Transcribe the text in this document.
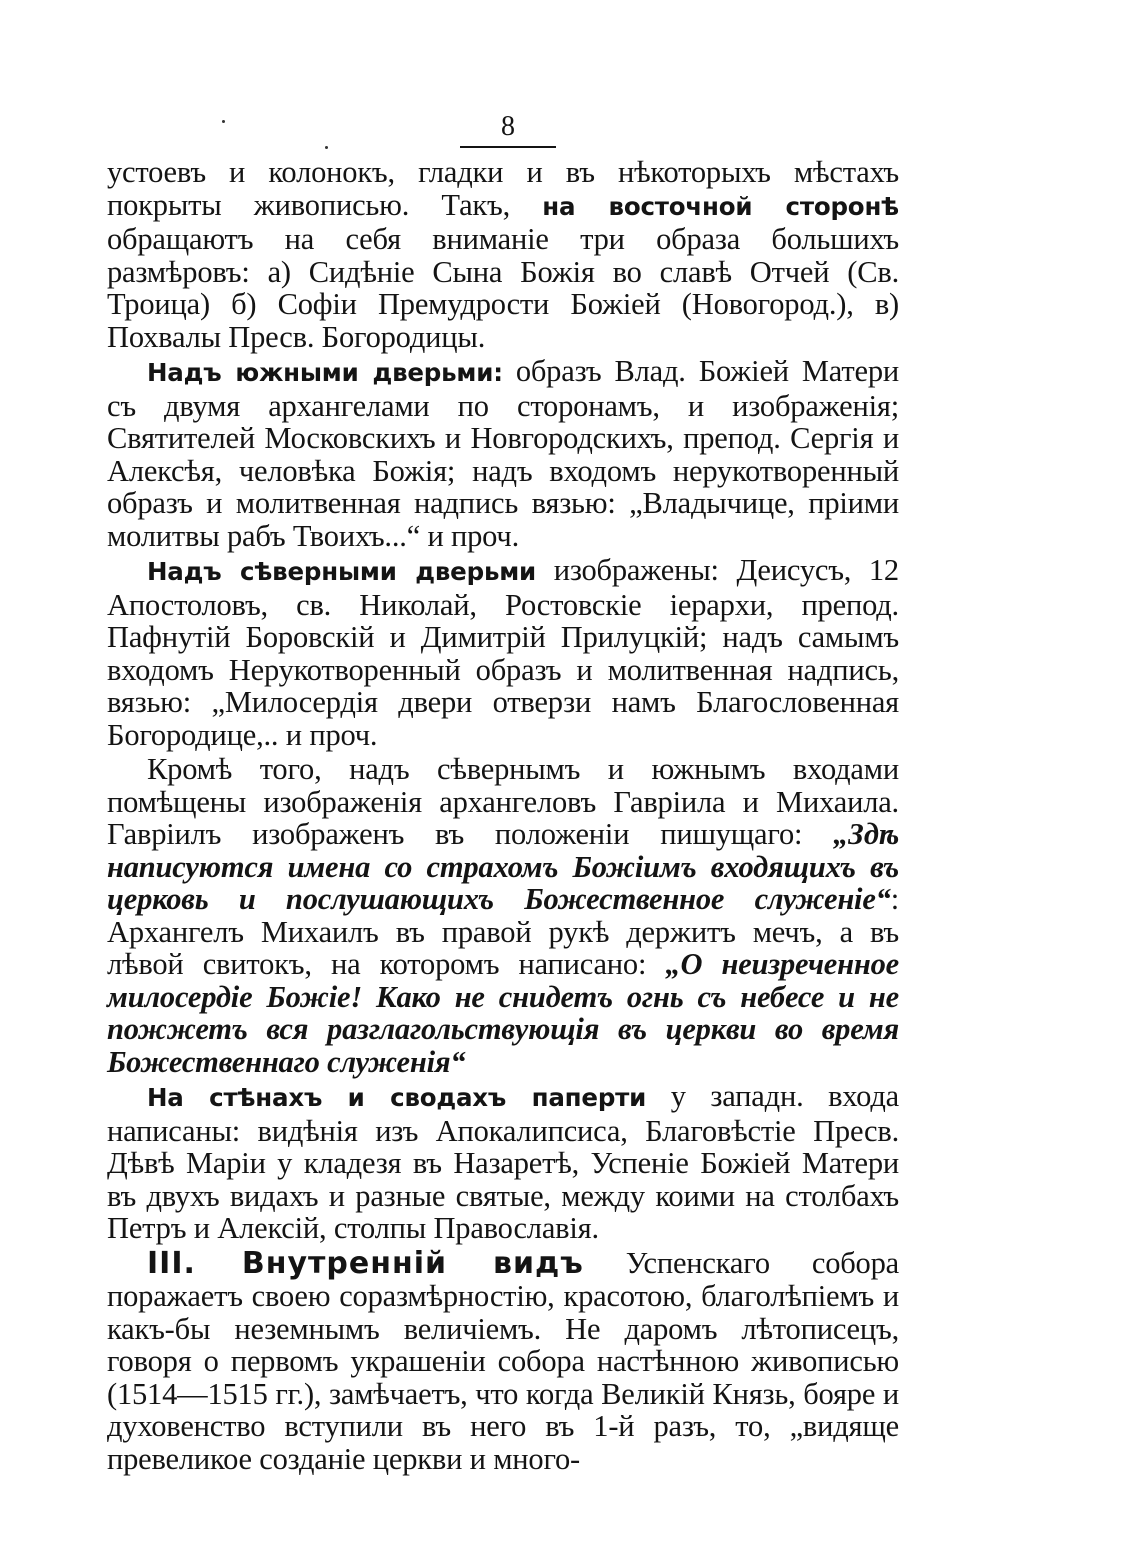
8

устоевъ и колонокъ, гладки и въ нѣкоторыхъ мѣстахъ покрыты живописью. Такъ, на восточной сторонѣ обращаютъ на себя вниманіе три образа большихъ размѣровъ: а) Сидѣніе Сына Божія во славѣ Отчей (Св. Троица) б) Софіи Премудрости Божіей (Новогород.), в) Похвалы Пресв. Богородицы.

Надъ южными дверьми: образъ Влад. Божіей Матери съ двумя архангелами по сторонамъ, и изображенія; Святителей Московскихъ и Новгородскихъ, препод. Сергія и Алексѣя, человѣка Божія; надъ входомъ нерукотворенный образъ и молитвенная надпись вязью: „Владычице, пріими молитвы рабъ Твоихъ...“ и проч.

Надъ сѣверными дверьми изображены: Деисусъ, 12 Апостоловъ, св. Николай, Ростовскіе іерархи, препод. Пафнутій Боровскій и Димитрій Прилуцкій; надъ самымъ входомъ Нерукотворенный образъ и молитвенная надпись, вязью: „Милосердія двери отверзи намъ Благословенная Богородице,.. и проч.

Кромѣ того, надъ сѣвернымъ и южнымъ входами помѣщены изображенія архангеловъ Гавріила и Михаила. Гавріилъ изображенъ въ положеніи пишущаго: „Здѣ написуются имена со страхомъ Божіимъ входящихъ въ церковь и послушающихъ Божественное служеніе“: Архангелъ Михаилъ въ правой рукѣ держитъ мечъ, а въ лѣвой свитокъ, на которомъ написано: „О неизреченное милосердіе Божіе! Како не снидетъ огнь съ небесе и не пожжетъ вся разглагольствующія въ церкви во время Божественнаго служенія“

На стѣнахъ и сводахъ паперти у западн. входа написаны: видѣнія изъ Апокалипсиса, Благовѣстіе Пресв. Дѣвѣ Маріи у кладезя въ Назаретѣ, Успеніе Божіей Матери въ двухъ видахъ и разные святые, между коими на столбахъ Петръ и Алексій, столпы Православія.

III. Внутренній видъ Успенскаго собора поражаетъ своею соразмѣрностію, красотою, благолѣпіемъ и какъ-бы неземнымъ величіемъ. Не даромъ лѣтописецъ, говоря о первомъ украшеніи собора настѣнною живописью (1514—1515 гг.), замѣчаетъ, что когда Великій Князь, бояре и духовенство вступили въ него въ 1-й разъ, то, „видяще превеликое созданіе церкви и много-
